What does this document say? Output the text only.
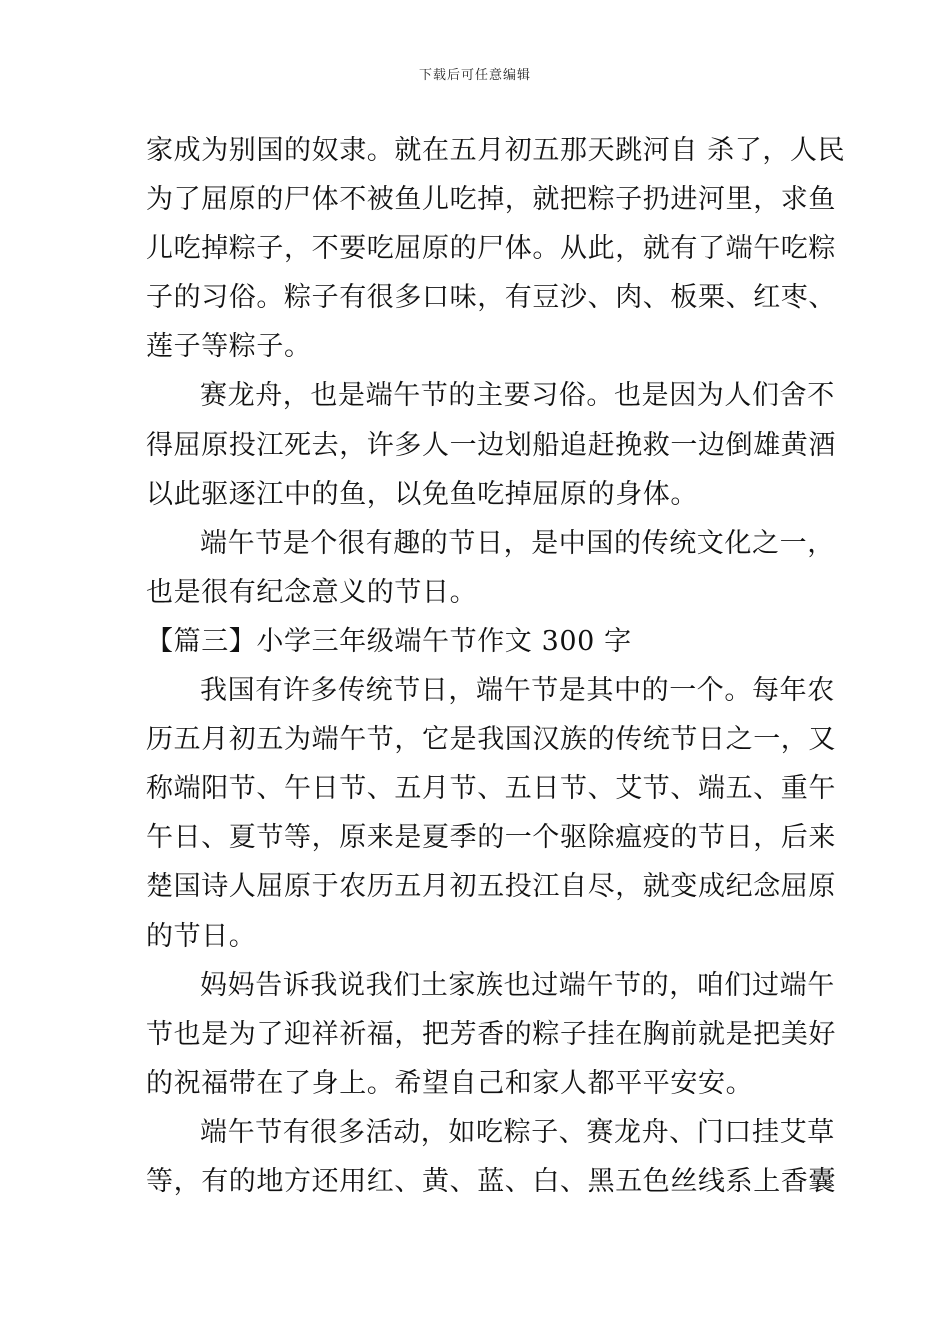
下载后可任意编辑
家成为别国的奴隶。就在五月初五那天跳河自 杀了，人民
为了屈原的尸体不被鱼儿吃掉，就把粽子扔进河里，求鱼
儿吃掉粽子，不要吃屈原的尸体。从此，就有了端午吃粽
子的习俗。粽子有很多口味，有豆沙、肉、板栗、红枣、
莲子等粽子。
赛龙舟，也是端午节的主要习俗。也是因为人们舍不
得屈原投江死去，许多人一边划船追赶挽救一边倒雄黄酒
以此驱逐江中的鱼，以免鱼吃掉屈原的身体。
端午节是个很有趣的节日，是中国的传统文化之一，
也是很有纪念意义的节日。
【篇三】小学三年级端午节作文 300 字
我国有许多传统节日，端午节是其中的一个。每年农
历五月初五为端午节，它是我国汉族的传统节日之一，又
称端阳节、午日节、五月节、五日节、艾节、端五、重午
午日、夏节等，原来是夏季的一个驱除瘟疫的节日，后来
楚国诗人屈原于农历五月初五投江自尽，就变成纪念屈原
的节日。
妈妈告诉我说我们土家族也过端午节的，咱们过端午
节也是为了迎祥祈福，把芳香的粽子挂在胸前就是把美好
的祝福带在了身上。希望自己和家人都平平安安。
端午节有很多活动，如吃粽子、赛龙舟、门口挂艾草
等，有的地方还用红、黄、蓝、白、黑五色丝线系上香囊
